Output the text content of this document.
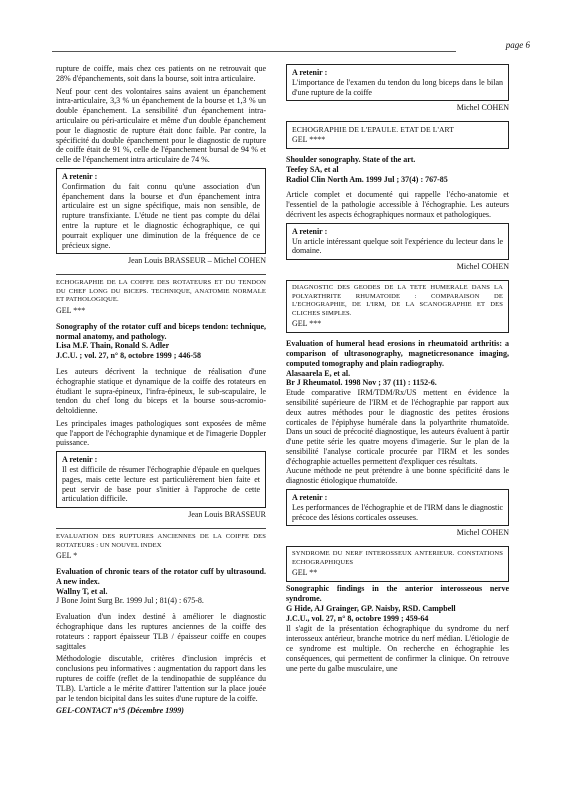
page 6

rupture de coiffe, mais chez ces patients on ne retrouvait que 28% d'épanchements, soit dans la bourse, soit intra articulaire.

Neuf pour cent des volontaires sains avaient un épanchement intra-articulaire, 3,3 % un épanchement de la bourse et 1,3 % un double épanchement. La sensibilité d'un épanchement intra-articulaire ou péri-articulaire et même d'un double épanchement pour le diagnostic de rupture était donc faible. Par contre, la spécificité du double épanchement pour le diagnostic de rupture de coiffe était de 91 %, celle de l'épanchement bursal de 94 % et celle de l'épanchement intra articulaire de 74 %.

A retenir :
Confirmation du fait connu qu'une association d'un épanchement dans la bourse et d'un épanchement intra articulaire est un signe spécifique, mais non sensible, de rupture transfixiante. L'étude ne tient pas compte du délai entre la rupture et le diagnostic échographique, ce qui pourrait expliquer une diminution de la fréquence de ce précieux signe.
Jean Louis BRASSEUR – Michel COHEN
ECHOGRAPHIE DE LA COIFFE DES ROTATEURS ET DU TENDON DU CHEF LONG DU BICEPS. TECHNIQUE, ANATOMIE NORMALE ET PATHOLOGIQUE.
GEL ***

Sonography of the rotator cuff and biceps tendon: technique, normal anatomy, and pathology.

Lisa M.F. Thain, Ronald S. Adler

J.C.U. ; vol. 27, n° 8, octobre 1999 ; 446-58

Les auteurs décrivent la technique de réalisation d'une échographie statique et dynamique de la coiffe des rotateurs en étudiant le supra-épineux, l'infra-épineux, le sub-scapulaire, le tendon du chef long du biceps et la bourse sous-acromio-deltoïdienne.

Les principales images pathologiques sont exposées de même que l'apport de l'échographie dynamique et de l'imagerie Doppler puissance.

A retenir :
Il est difficile de résumer l'échographie d'épaule en quelques pages, mais cette lecture est particulièrement bien faite et peut servir de base pour s'initier à l'approche de cette articulation difficile.
Jean Louis BRASSEUR
EVALUATION DES RUPTURES ANCIENNES DE LA COIFFE DES ROTATEURS : UN NOUVEL INDEX
GEL *

Evaluation of chronic tears of the rotator cuff by ultrasound. A new index.

Wallny T, et al.

J Bone Joint Surg Br. 1999 Jul ; 81(4) : 675-8.

Evaluation d'un index destiné à améliorer le diagnostic échographique dans les ruptures anciennes de la coiffe des rotateurs : rapport épaisseur TLB / épaisseur coiffe en coupes sagittales

Méthodologie discutable, critères d'inclusion imprécis et conclusions peu informatives : augmentation du rapport dans les ruptures de coiffe (reflet de la tendinopathie de suppléance du TLB). L'article a le mérite d'attirer l'attention sur la place jouée par le tendon bicipital dans les suites d'une rupture de la coiffe.

GEL-CONTACT n°5 (Décembre 1999)
A retenir :
L'importance de l'examen du tendon du long biceps dans le bilan d'une rupture de la coiffe
Michel COHEN
ECHOGRAPHIE DE L'EPAULE. ETAT DE L'ART
GEL ****

Shoulder sonography. State of the art.

Teefey SA, et al

Radiol Clin North Am. 1999 Jul ; 37(4) : 767-85

Article complet et documenté qui rappelle l'écho-anatomie et l'essentiel de la pathologie accessible à l'échographie. Les auteurs décrivent les aspects échographiques normaux et pathologiques.

A retenir :
Un article intéressant quelque soit l'expérience du lecteur dans le domaine.
Michel COHEN
DIAGNOSTIC DES GEODES DE LA TETE HUMERALE DANS LA POLYARTHRITE RHUMATOIDE : COMPARAISON DE L'ECHOGRAPHIE, DE L'IRM, DE LA SCANOGRAPHIE ET DES CLICHES SIMPLES.
GEL ***

Evaluation of humeral head erosions in rheumatoid arthritis: a comparison of ultrasonography, magneticresonance imaging, computed tomography and plain radiography.

Alasaarela E, et al.

Br J Rheumatol. 1998 Nov ; 37 (11) : 1152-6.

Etude comparative IRM/TDM/Rx/US mettent en évidence la sensibilité supérieure de l'IRM et de l'échographie par rapport aux deux autres méthodes pour le diagnostic des petites érosions corticales de l'épiphyse humérale dans la polyarthrite rhumatoïde. Dans un souci de précocité diagnostique, les auteurs évaluent à partir d'une petite série les quatre moyens d'imagerie. Sur le plan de la sensibilité l'analyse corticale procurée par l'IRM et les sondes d'échographie actuelles permettent d'expliquer ces résultats.

Aucune méthode ne peut prétendre à une bonne spécificité dans le diagnostic étiologique rhumatoïde.

A retenir :
Les performances de l'échographie et de l'IRM dans le diagnostic précoce des lésions corticales osseuses.
Michel COHEN
SYNDROME DU NERF INTEROSSEUX ANTERIEUR. CONSTATIONS ECHOGRAPHIQUES
GEL **

Sonographic findings in the anterior interosseous nerve syndrome.

G Hide, AJ Grainger, GP. Naisby, RSD. Campbell

J.C.U., vol. 27, n° 8, octobre 1999 ; 459-64

Il s'agit de la présentation échographique du syndrome du nerf interosseux antérieur, branche motrice du nerf médian. L'étiologie de ce syndrome est multiple. On recherche en échographie les conséquences, qui permettent de confirmer la clinique. On retrouve une perte du galbe musculaire, une
